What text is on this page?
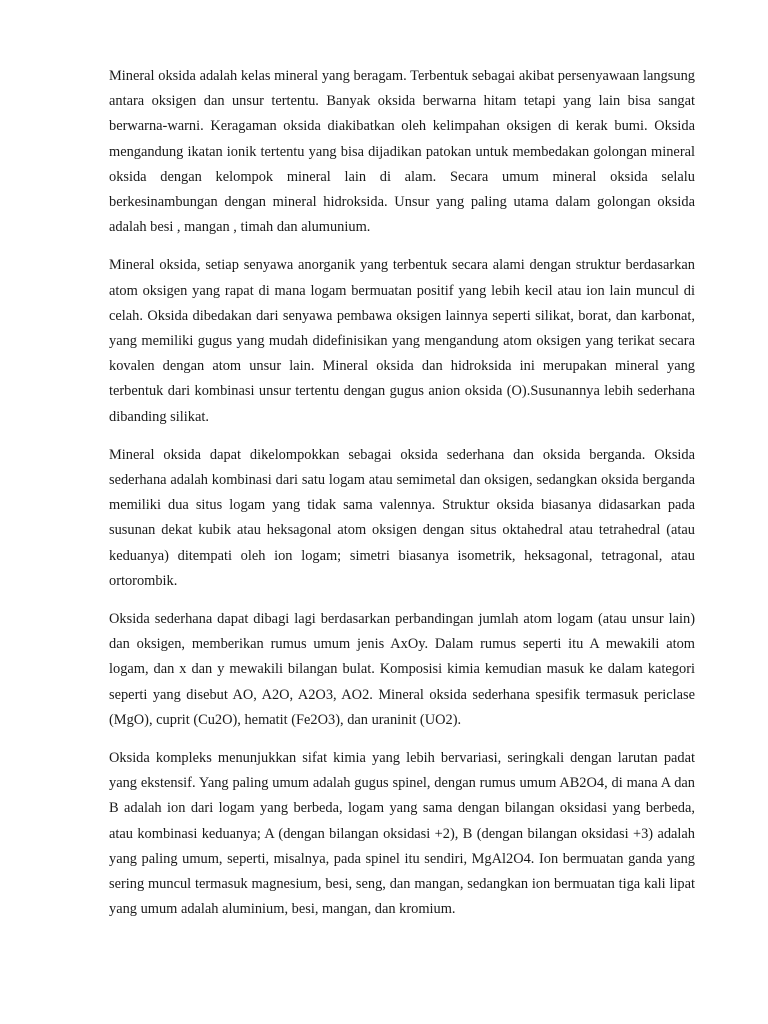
Mineral oksida adalah kelas mineral yang beragam. Terbentuk sebagai akibat persenyawaan langsung antara oksigen dan unsur tertentu. Banyak oksida berwarna hitam tetapi yang lain bisa sangat berwarna-warni. Keragaman oksida diakibatkan oleh kelimpahan oksigen di kerak bumi. Oksida mengandung ikatan ionik tertentu yang bisa dijadikan patokan untuk membedakan golongan mineral oksida dengan kelompok mineral lain di alam. Secara umum mineral oksida selalu berkesinambungan dengan mineral hidroksida. Unsur yang paling utama dalam golongan oksida adalah besi , mangan , timah dan alumunium.

Mineral oksida, setiap senyawa anorganik yang terbentuk secara alami dengan struktur berdasarkan atom oksigen yang rapat di mana logam bermuatan positif yang lebih kecil atau ion lain muncul di celah. Oksida dibedakan dari senyawa pembawa oksigen lainnya seperti silikat, borat, dan karbonat, yang memiliki gugus yang mudah didefinisikan yang mengandung atom oksigen yang terikat secara kovalen dengan atom unsur lain. Mineral oksida dan hidroksida ini merupakan mineral yang terbentuk dari kombinasi unsur tertentu dengan gugus anion oksida (O).Susunannya lebih sederhana dibanding silikat.

Mineral oksida dapat dikelompokkan sebagai oksida sederhana dan oksida berganda. Oksida sederhana adalah kombinasi dari satu logam atau semimetal dan oksigen, sedangkan oksida berganda memiliki dua situs logam yang tidak sama valennya. Struktur oksida biasanya didasarkan pada susunan dekat kubik atau heksagonal atom oksigen dengan situs oktahedral atau tetrahedral (atau keduanya) ditempati oleh ion logam; simetri biasanya isometrik, heksagonal, tetragonal, atau ortorombik.

Oksida sederhana dapat dibagi lagi berdasarkan perbandingan jumlah atom logam (atau unsur lain) dan oksigen, memberikan rumus umum jenis AxOy. Dalam rumus seperti itu A mewakili atom logam, dan x dan y mewakili bilangan bulat. Komposisi kimia kemudian masuk ke dalam kategori seperti yang disebut AO, A2O, A2O3, AO2. Mineral oksida sederhana spesifik termasuk periclase (MgO), cuprit (Cu2O), hematit (Fe2O3), dan uraninit (UO2).

Oksida kompleks menunjukkan sifat kimia yang lebih bervariasi, seringkali dengan larutan padat yang ekstensif. Yang paling umum adalah gugus spinel, dengan rumus umum AB2O4, di mana A dan B adalah ion dari logam yang berbeda, logam yang sama dengan bilangan oksidasi yang berbeda, atau kombinasi keduanya; A (dengan bilangan oksidasi +2), B (dengan bilangan oksidasi +3) adalah yang paling umum, seperti, misalnya, pada spinel itu sendiri, MgAl2O4. Ion bermuatan ganda yang sering muncul termasuk magnesium, besi, seng, dan mangan, sedangkan ion bermuatan tiga kali lipat yang umum adalah aluminium, besi, mangan, dan kromium.
